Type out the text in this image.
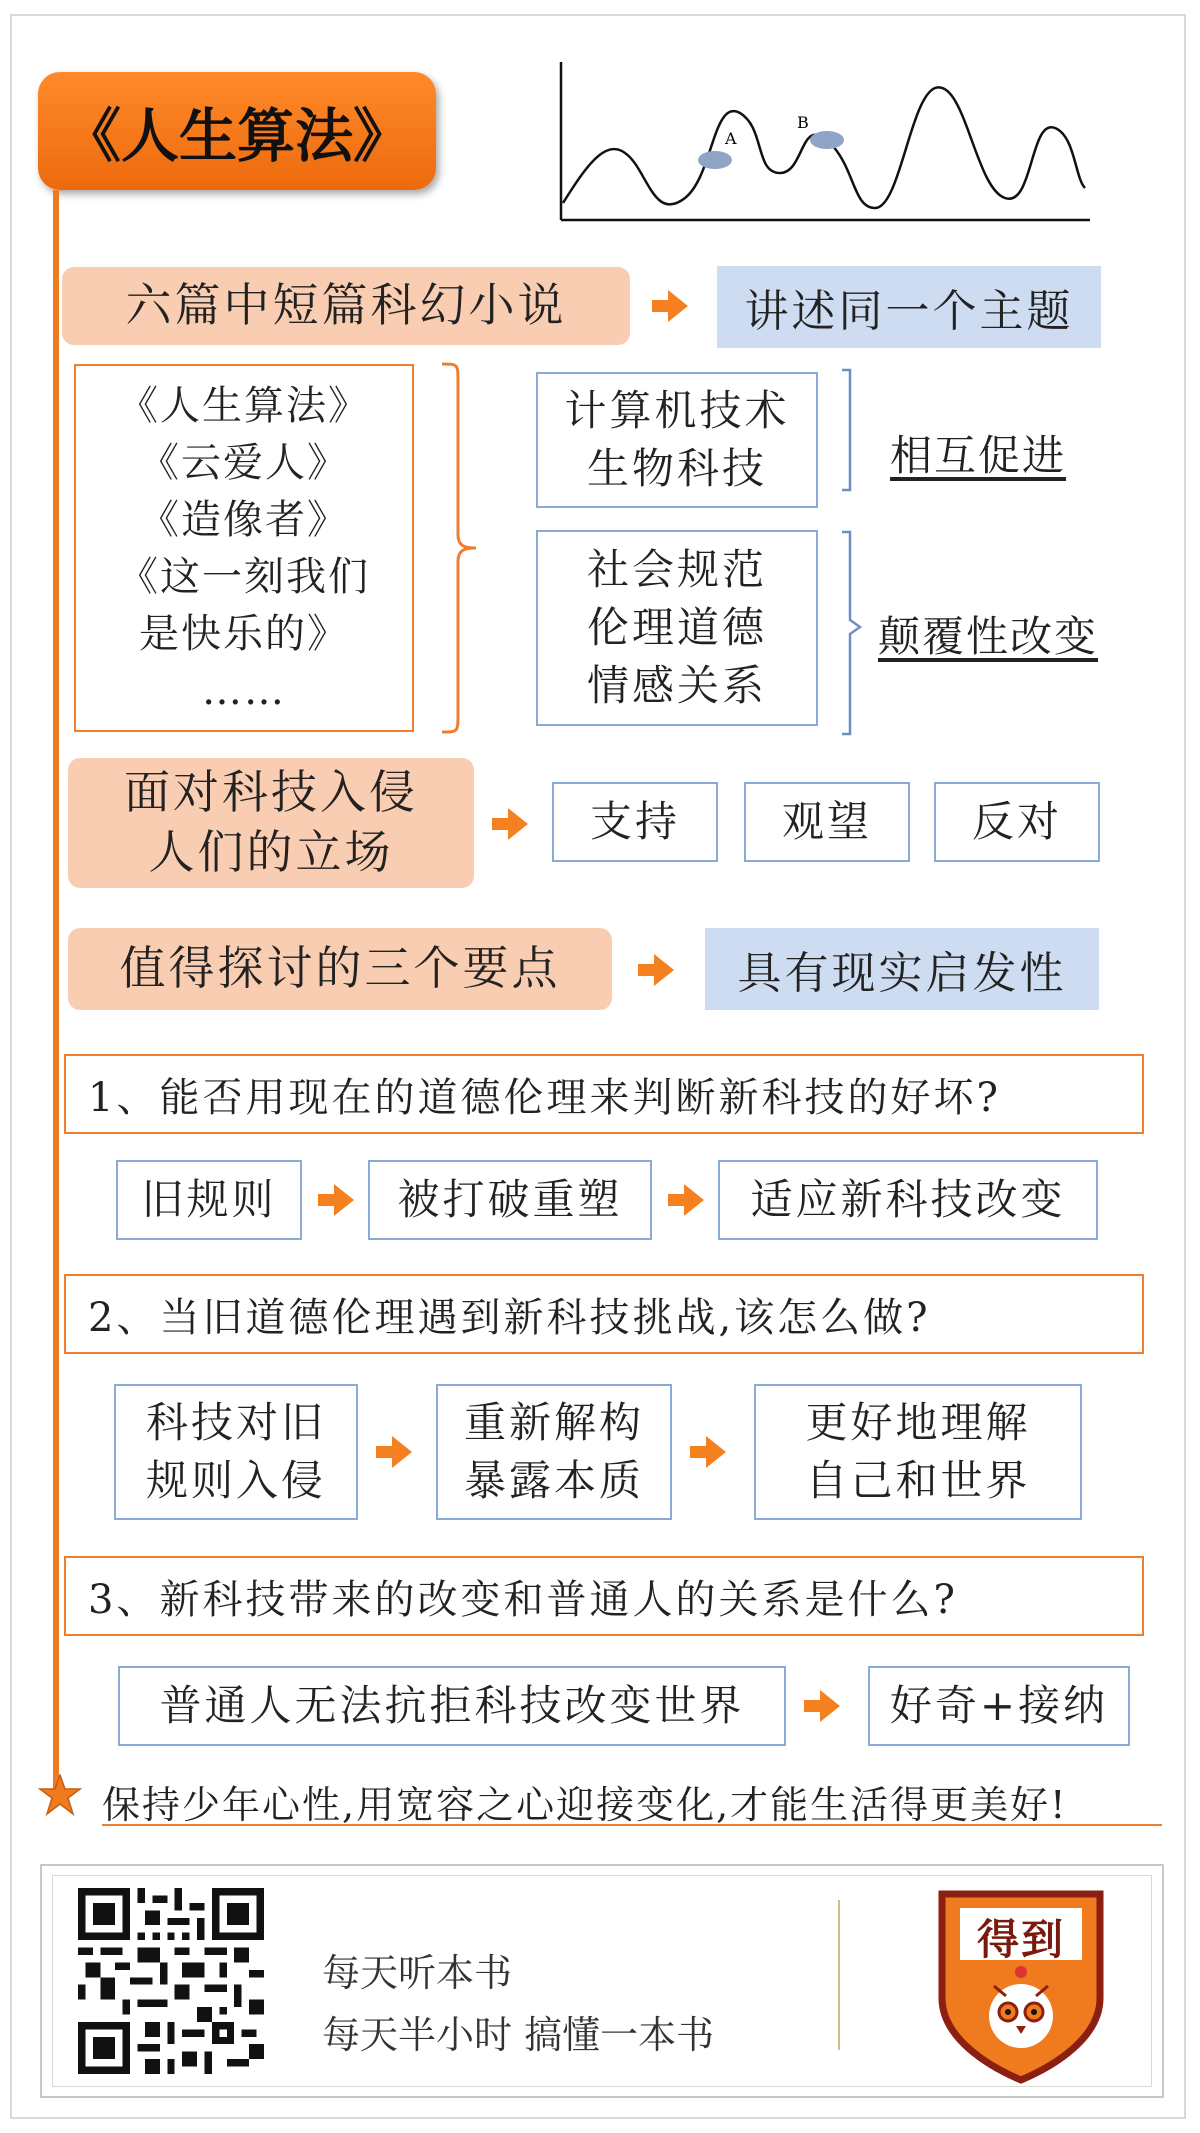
《人生算法》	A
B
六篇中短篇科幻小说	讲述同一个主题
《人生算法》
《云爱人》
《造像者》
《这一刻我们
是快乐的》
……
计算机技术
生物科技	相互促进
社会规范
伦理道德
情感关系
颠覆性改变
面对科技入侵
人们的立场
支持	观望	反对
值得探讨的三个要点	具有现实启发性
1、能否用现在的道德伦理来判断新科技的好坏?
旧规则	被打破重塑	适应新科技改变
2、当旧道德伦理遇到新科技挑战,该怎么做?
科技对旧
规则入侵
重新解构
暴露本质
更好地理解
自己和世界
3、新科技带来的改变和普通人的关系是什么?
普通人无法抗拒科技改变世界	好奇+接纳
保持少年心性,用宽容之心迎接变化,才能生活得更美好!
每天听本书
每天半小时 搞懂一本书
得到
